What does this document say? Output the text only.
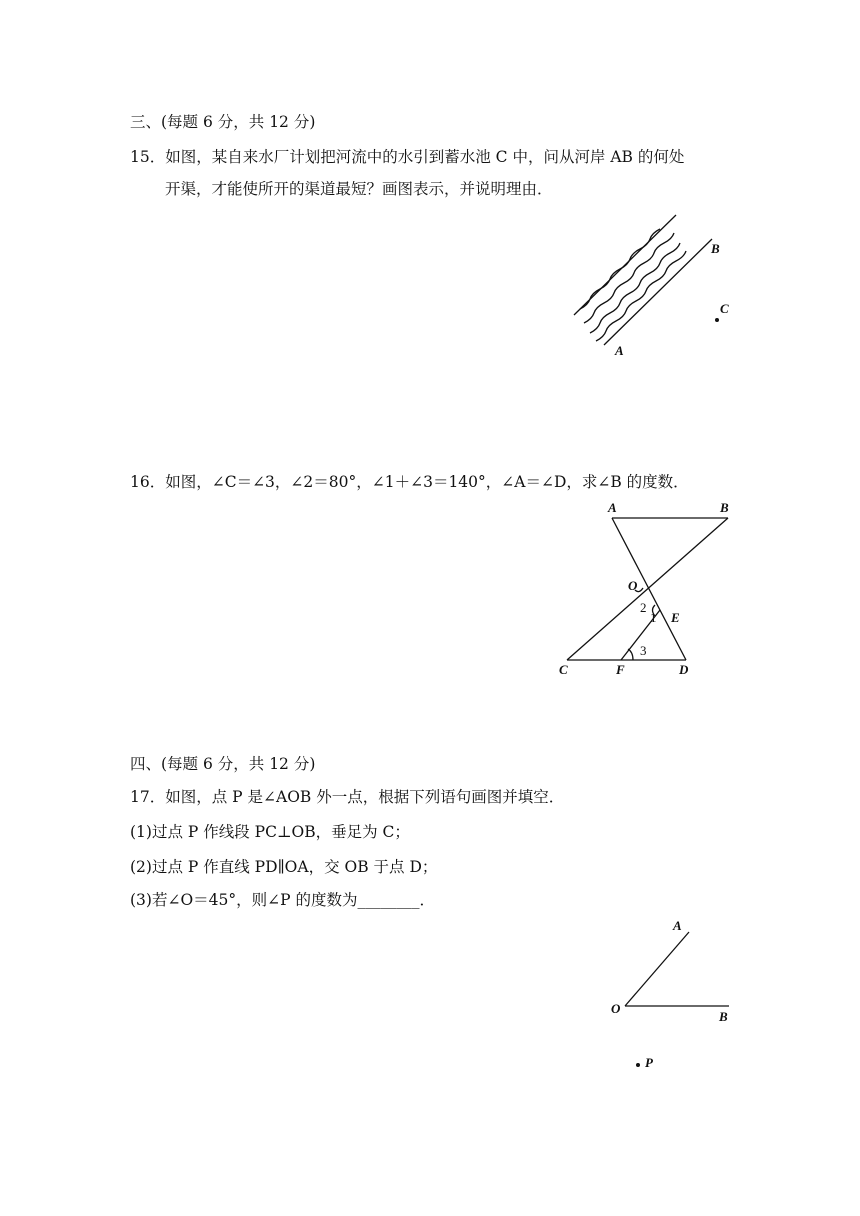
三、(每题 6 分，共 12 分)
15．如图，某自来水厂计划把河流中的水引到蓄水池 C 中，问从河岸 AB 的何处
开渠，才能使所开的渠道最短？画图表示，并说明理由．
B
C
A
16．如图，∠C＝∠3，∠2＝80°，∠1＋∠3＝140°，∠A＝∠D，求∠B 的度数．
A	B
O
2
1 E
3
C	F	D
四、(每题 6 分，共 12 分)
17．如图，点 P 是∠AOB 外一点，根据下列语句画图并填空．
(1)过点 P 作线段 PC⊥OB，垂足为 C；
(2)过点 P 作直线 PD∥OA，交 OB 于点 D；
(3)若∠O＝45°，则∠P 的度数为________．
A
O
B
P
